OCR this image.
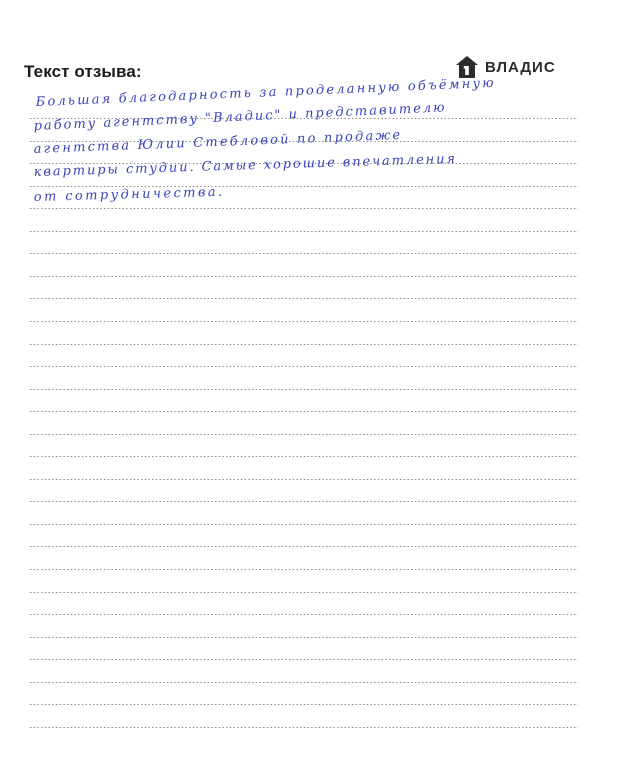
Текст отзыва:	ВЛАДИС
Большая благодарность за проделанную объёмную
работу агентству "Владис" и представителю
агентства Юлии Стебловой по продаже
квартиры студии. Самые хорошие впечатления
от сотрудничества.
